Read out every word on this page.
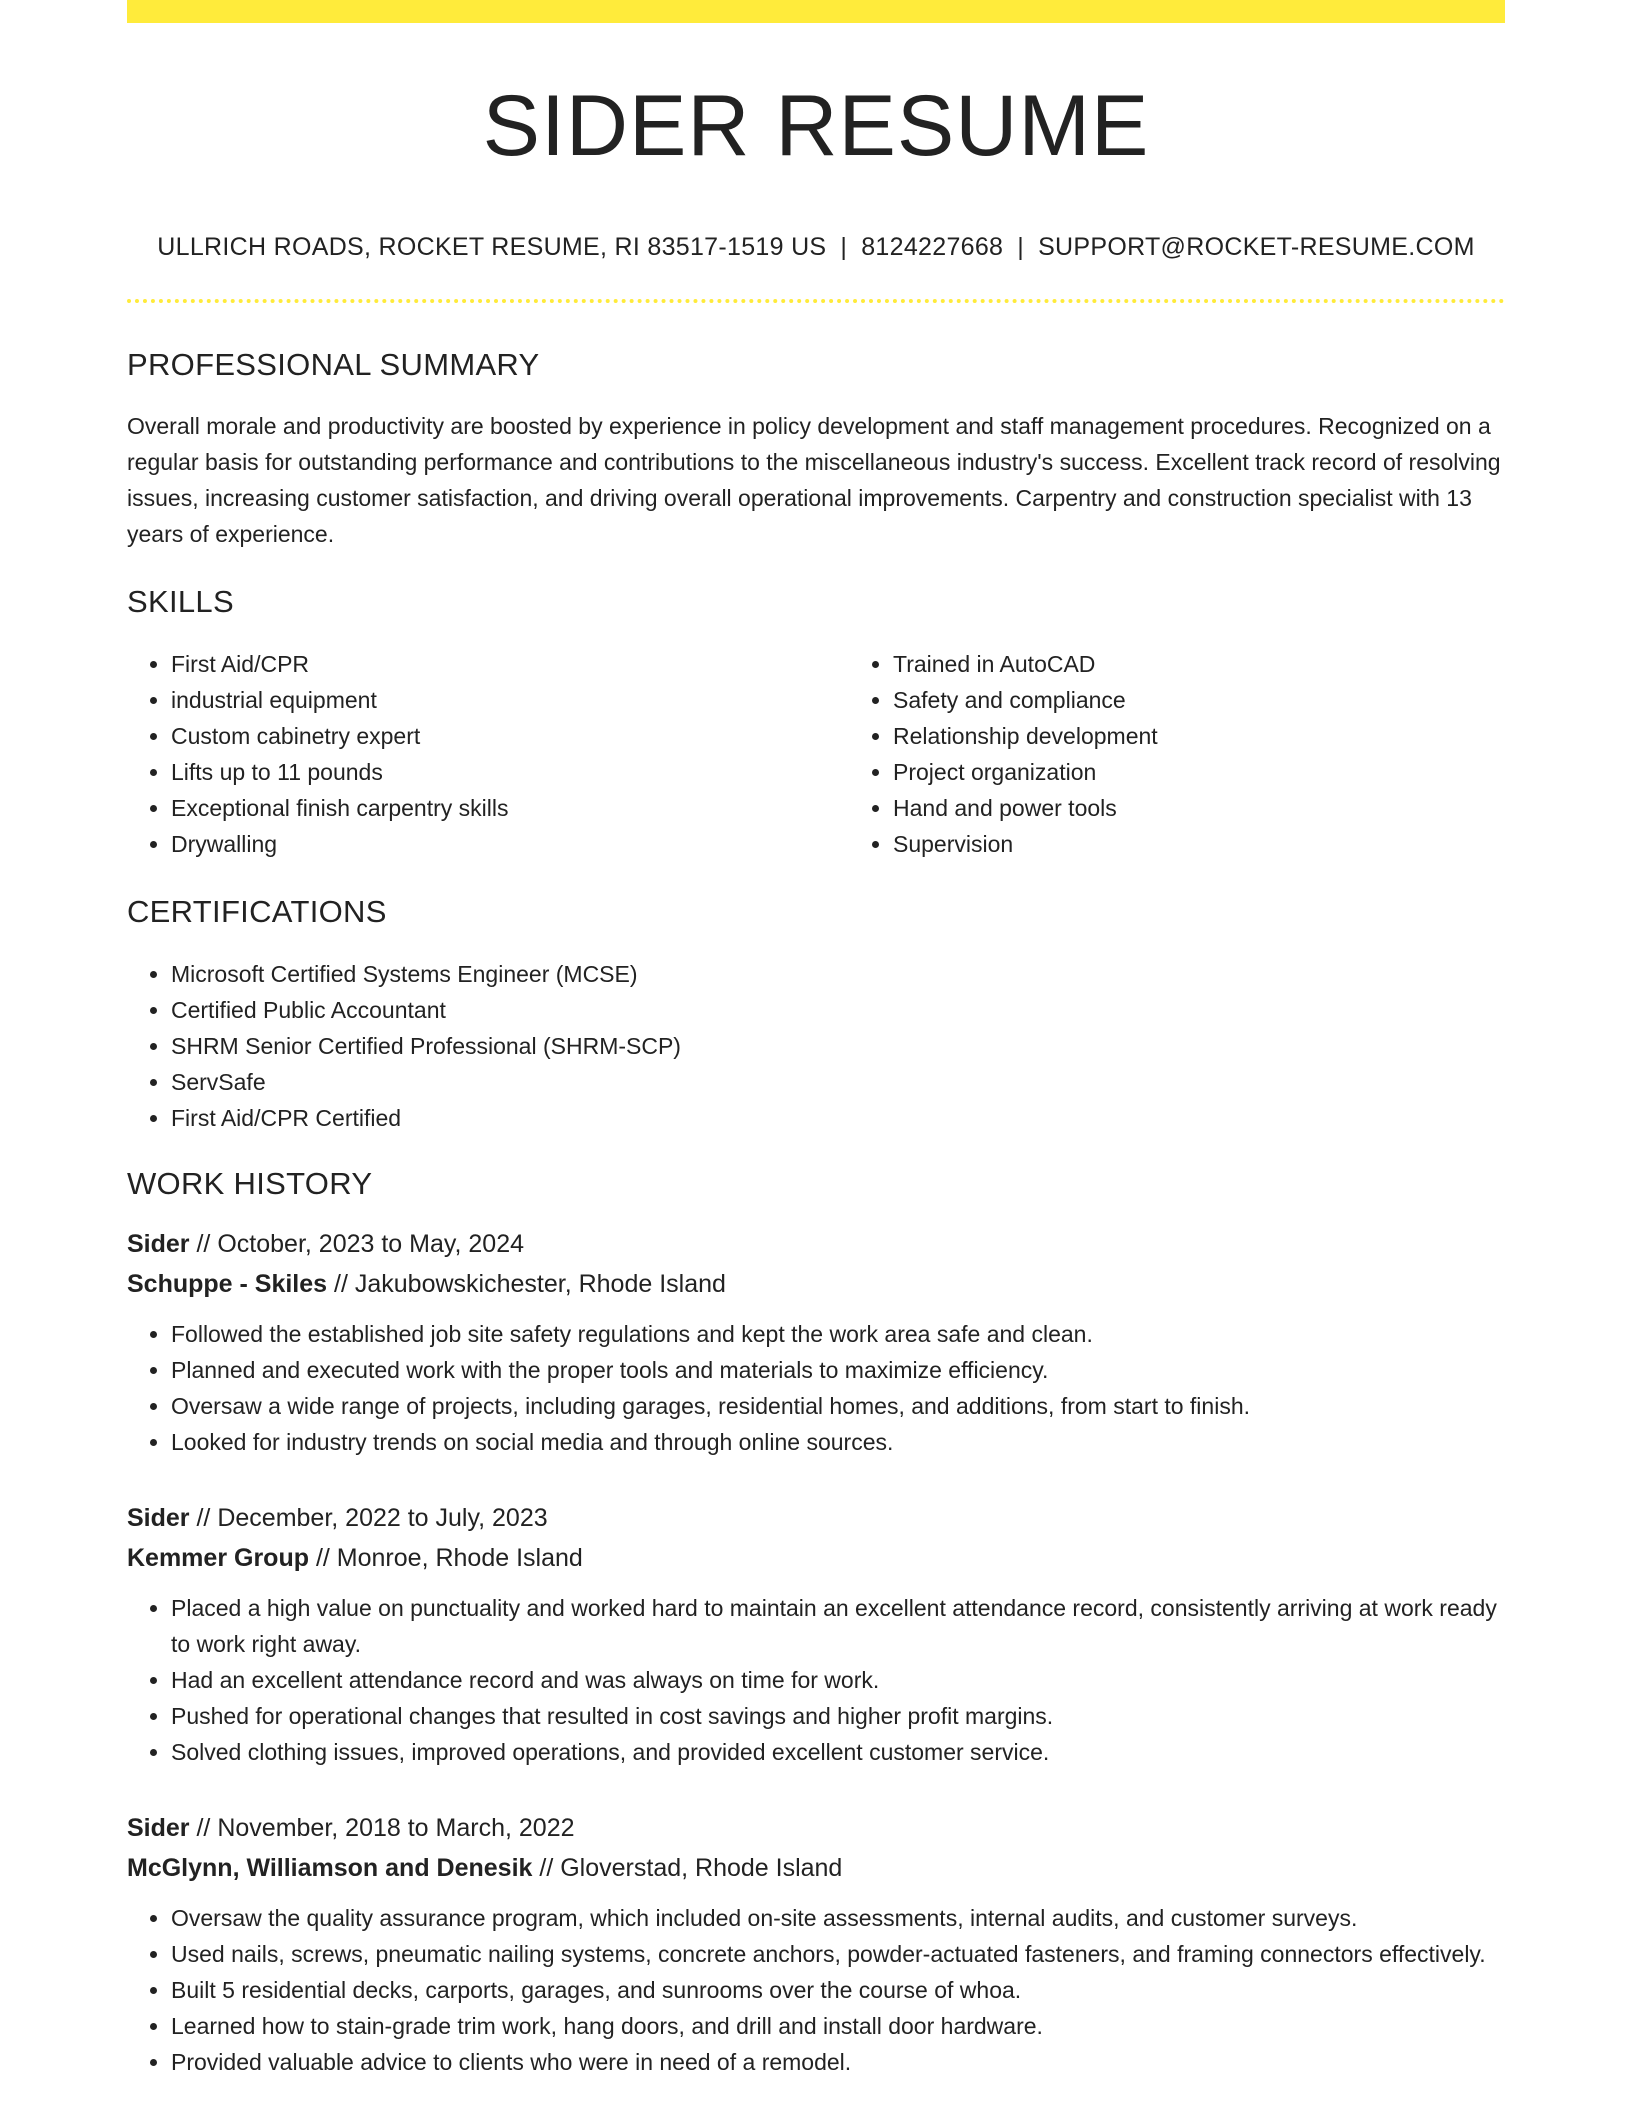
SIDER RESUME
ULLRICH ROADS, ROCKET RESUME, RI 83517-1519 US | 8124227668 | SUPPORT@ROCKET-RESUME.COM
PROFESSIONAL SUMMARY
Overall morale and productivity are boosted by experience in policy development and staff management procedures. Recognized on a regular basis for outstanding performance and contributions to the miscellaneous industry's success. Excellent track record of resolving issues, increasing customer satisfaction, and driving overall operational improvements. Carpentry and construction specialist with 13 years of experience.
SKILLS
• First Aid/CPR
• industrial equipment
• Custom cabinetry expert
• Lifts up to 11 pounds
• Exceptional finish carpentry skills
• Drywalling
• Trained in AutoCAD
• Safety and compliance
• Relationship development
• Project organization
• Hand and power tools
• Supervision
CERTIFICATIONS
• Microsoft Certified Systems Engineer (MCSE)
• Certified Public Accountant
• SHRM Senior Certified Professional (SHRM-SCP)
• ServSafe
• First Aid/CPR Certified
WORK HISTORY
Sider // October, 2023 to May, 2024
Schuppe - Skiles // Jakubowskichester, Rhode Island
• Followed the established job site safety regulations and kept the work area safe and clean.
• Planned and executed work with the proper tools and materials to maximize efficiency.
• Oversaw a wide range of projects, including garages, residential homes, and additions, from start to finish.
• Looked for industry trends on social media and through online sources.
Sider // December, 2022 to July, 2023
Kemmer Group // Monroe, Rhode Island
• Placed a high value on punctuality and worked hard to maintain an excellent attendance record, consistently arriving at work ready to work right away.
• Had an excellent attendance record and was always on time for work.
• Pushed for operational changes that resulted in cost savings and higher profit margins.
• Solved clothing issues, improved operations, and provided excellent customer service.
Sider // November, 2018 to March, 2022
McGlynn, Williamson and Denesik // Gloverstad, Rhode Island
• Oversaw the quality assurance program, which included on-site assessments, internal audits, and customer surveys.
• Used nails, screws, pneumatic nailing systems, concrete anchors, powder-actuated fasteners, and framing connectors effectively.
• Built 5 residential decks, carports, garages, and sunrooms over the course of whoa.
• Learned how to stain-grade trim work, hang doors, and drill and install door hardware.
• Provided valuable advice to clients who were in need of a remodel.
